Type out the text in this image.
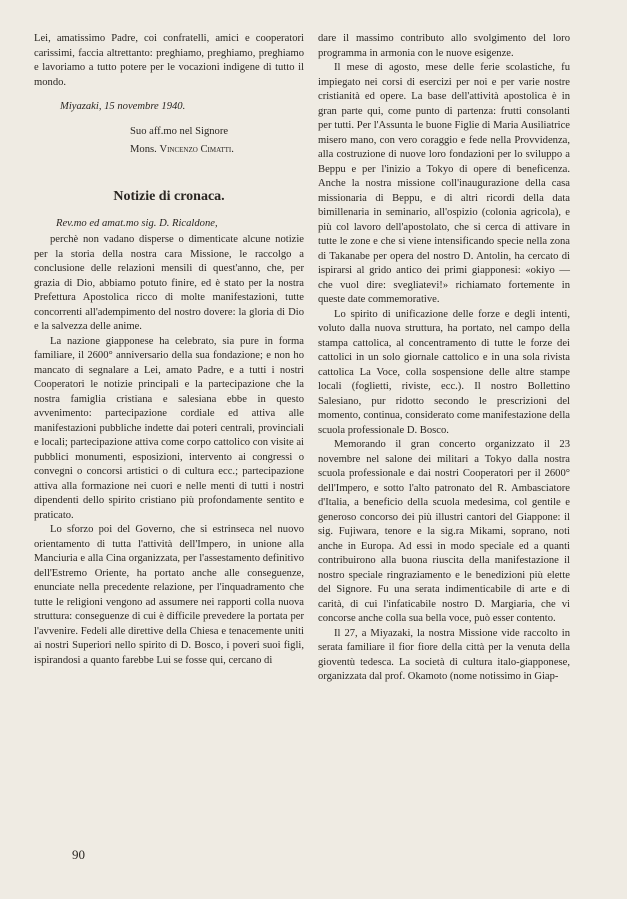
Lei, amatissimo Padre, coi confratelli, amici e cooperatori carissimi, faccia altrettanto: preghiamo, preghiamo, preghiamo e lavoriamo a tutto potere per le vocazioni indigene di tutto il mondo.

Miyazaki, 15 novembre 1940.

Suo aff.mo nel Signore

Mons. Vincenzo Cimatti.

Notizie di cronaca.

Rev.mo ed amat.mo sig. D. Ricaldone,

perchè non vadano disperse o dimenticate alcune notizie per la storia della nostra cara Missione, le raccolgo a conclusione delle relazioni mensili di quest'anno, che, per grazia di Dio, abbiamo potuto finire, ed è stato per la nostra Prefettura Apostolica ricco di molte manifestazioni, tutte concorrenti all'adempimento del nostro dovere: la gloria di Dio e la salvezza delle anime.

La nazione giapponese ha celebrato, sia pure in forma familiare, il 2600° anniversario della sua fondazione; e non ho mancato di segnalare a Lei, amato Padre, e a tutti i nostri Cooperatori le notizie principali e la partecipazione che la nostra famiglia cristiana e salesiana ebbe in questo avvenimento: partecipazione cordiale ed attiva alle manifestazioni pubbliche indette dai poteri centrali, provinciali e locali; partecipazione attiva come corpo cattolico con visite ai pubblici monumenti, esposizioni, intervento ai congressi o convegni o concorsi artistici o di cultura ecc.; partecipazione attiva alla formazione nei cuori e nelle menti di tutti i nostri dipendenti dello spirito cristiano più profondamente sentito e praticato.

Lo sforzo poi del Governo, che si estrinseca nel nuovo orientamento di tutta l'attività dell'Impero, in unione alla Manciuria e alla Cina organizzata, per l'assestamento definitivo dell'Estremo Oriente, ha portato anche alle conseguenze, enunciate nella precedente relazione, per l'inquadramento che tutte le religioni vengono ad assumere nei rapporti colla nuova struttura: conseguenze di cui è difficile prevedere la portata per l'avvenire. Fedeli alle direttive della Chiesa e tenacemente uniti ai nostri Superiori nello spirito di D. Bosco, i poveri suoi figli, ispirandosi a quanto farebbe Lui se fosse qui, cercano di

dare il massimo contributo allo svolgimento del loro programma in armonia con le nuove esigenze.

Il mese di agosto, mese delle ferie scolastiche, fu impiegato nei corsi di esercizi per noi e per varie nostre cristianità ed opere. La base dell'attività apostolica è in gran parte qui, come punto di partenza: frutti consolanti per tutti. Per l'Assunta le buone Figlie di Maria Ausiliatrice misero mano, con vero coraggio e fede nella Provvidenza, alla costruzione di nuove loro fondazioni per lo sviluppo a Beppu e per l'inizio a Tokyo di opere di beneficenza. Anche la nostra missione coll'inaugurazione della casa missionaria di Beppu, e di altri ricordi della data bimillenaria in seminario, all'ospizio (colonia agricola), e più col lavoro dell'apostolato, che si cerca di attivare in tutte le zone e che si viene intensificando specie nella zona di Takanabe per opera del nostro D. Antolin, ha cercato di ispirarsi al grido antico dei primi giapponesi: «okiyo — che vuol dire: svegliatevi!» richiamato fortemente in queste date commemorative.

Lo spirito di unificazione delle forze e degli intenti, voluto dalla nuova struttura, ha portato, nel campo della stampa cattolica, al concentramento di tutte le forze dei cattolici in un solo giornale cattolico e in una sola rivista cattolica La Voce, colla sospensione delle altre stampe locali (foglietti, riviste, ecc.). Il nostro Bollettino Salesiano, pur ridotto secondo le prescrizioni del momento, continua, considerato come manifestazione della scuola professionale D. Bosco.

Memorando il gran concerto organizzato il 23 novembre nel salone dei militari a Tokyo dalla nostra scuola professionale e dai nostri Cooperatori per il 2600° dell'Impero, e sotto l'alto patronato del R. Ambasciatore d'Italia, a beneficio della scuola medesima, col gentile e generoso concorso dei più illustri cantori del Giappone: il sig. Fujiwara, tenore e la sig.ra Mikami, soprano, noti anche in Europa. Ad essi in modo speciale ed a quanti contribuirono alla buona riuscita della manifestazione il nostro speciale ringraziamento e le benedizioni più elette del Signore. Fu una serata indimenticabile di arte e di carità, di cui l'infaticabile nostro D. Margiaria, che vi concorse anche colla sua bella voce, può esser contento.

Il 27, a Miyazaki, la nostra Missione vide raccolto in serata familiare il fior fiore della città per la venuta della gioventù tedesca. La società di cultura italo-giapponese, organizzata dal prof. Okamoto (nome notissimo in Giap-

90
